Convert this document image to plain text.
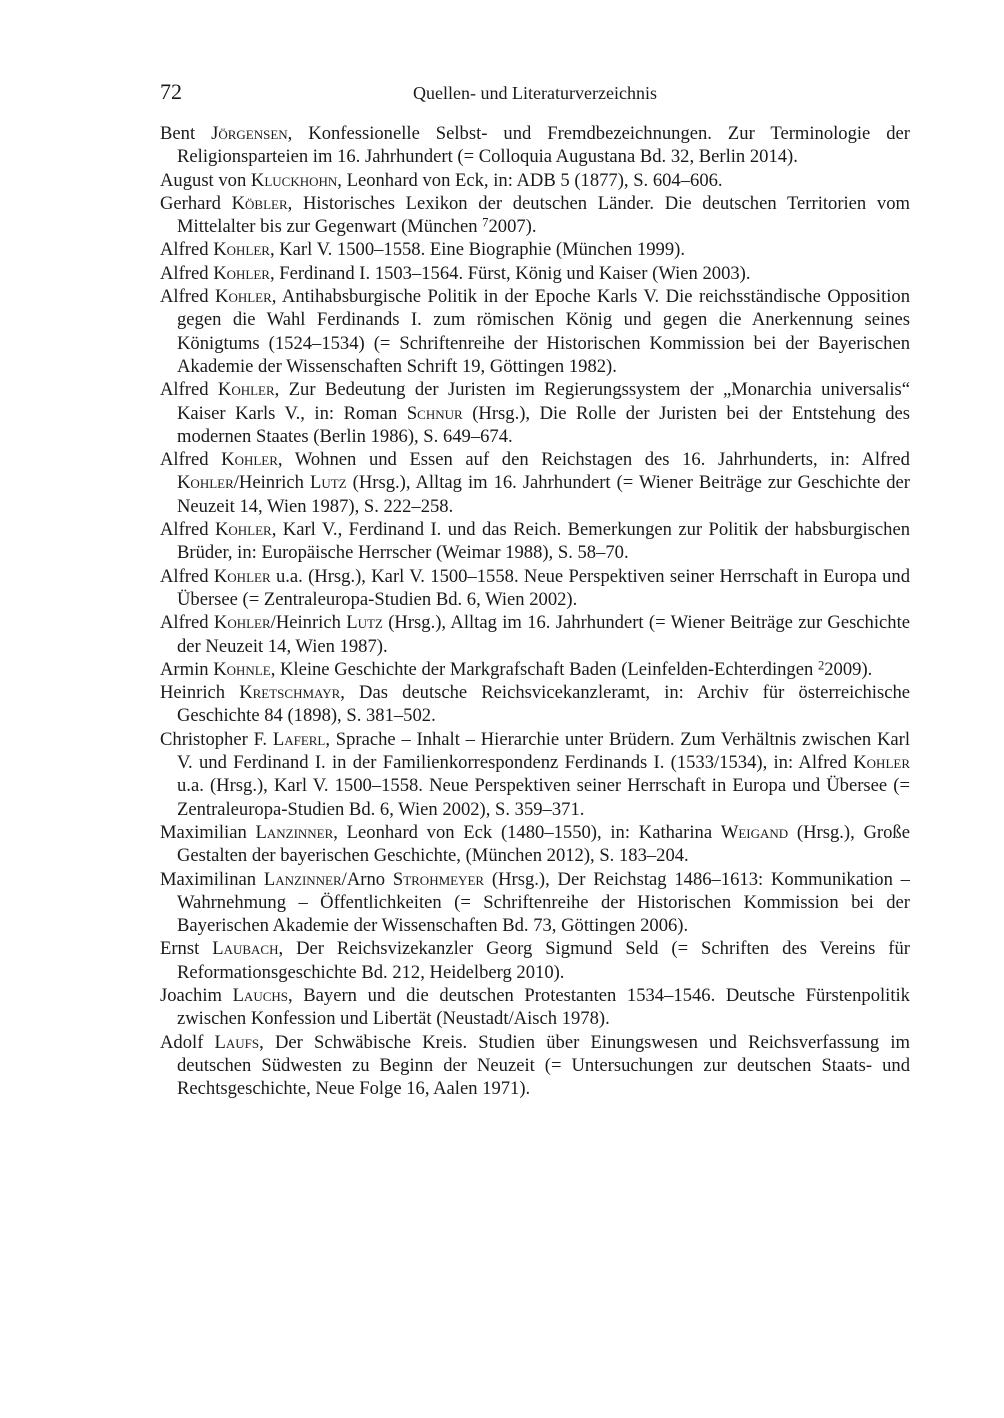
72	Quellen- und Literaturverzeichnis

Bent Jörgensen, Konfessionelle Selbst- und Fremdbezeichnungen. Zur Terminologie der Religionsparteien im 16. Jahrhundert (= Colloquia Augustana Bd. 32, Berlin 2014).

August von Kluckhohn, Leonhard von Eck, in: ADB 5 (1877), S. 604–606.

Gerhard Köbler, Historisches Lexikon der deutschen Länder. Die deutschen Territorien vom Mittelalter bis zur Gegenwart (München $^7$2007).

Alfred Kohler, Karl V. 1500–1558. Eine Biographie (München 1999).

Alfred Kohler, Ferdinand I. 1503–1564. Fürst, König und Kaiser (Wien 2003).

Alfred Kohler, Antihabsburgische Politik in der Epoche Karls V. Die reichsständische Opposition gegen die Wahl Ferdinands I. zum römischen König und gegen die Anerkennung seines Königtums (1524–1534) (= Schriftenreihe der Historischen Kommission bei der Bayerischen Akademie der Wissenschaften Schrift 19, Göttingen 1982).

Alfred Kohler, Zur Bedeutung der Juristen im Regierungssystem der „Monarchia universalis“ Kaiser Karls V., in: Roman Schnur (Hrsg.), Die Rolle der Juristen bei der Entstehung des modernen Staates (Berlin 1986), S. 649–674.

Alfred Kohler, Wohnen und Essen auf den Reichstagen des 16. Jahrhunderts, in: Alfred Kohler/Heinrich Lutz (Hrsg.), Alltag im 16. Jahrhundert (= Wiener Beiträge zur Geschichte der Neuzeit 14, Wien 1987), S. 222–258.

Alfred Kohler, Karl V., Ferdinand I. und das Reich. Bemerkungen zur Politik der habsburgischen Brüder, in: Europäische Herrscher (Weimar 1988), S. 58–70.

Alfred Kohler u.a. (Hrsg.), Karl V. 1500–1558. Neue Perspektiven seiner Herrschaft in Europa und Übersee (= Zentraleuropa-Studien Bd. 6, Wien 2002).

Alfred Kohler/Heinrich Lutz (Hrsg.), Alltag im 16. Jahrhundert (= Wiener Beiträge zur Geschichte der Neuzeit 14, Wien 1987).

Armin Kohnle, Kleine Geschichte der Markgrafschaft Baden (Leinfelden-Echterdingen $^2$2009).

Heinrich Kretschmayr, Das deutsche Reichsvicekanzleramt, in: Archiv für österreichische Geschichte 84 (1898), S. 381–502.

Christopher F. Laferl, Sprache – Inhalt – Hierarchie unter Brüdern. Zum Verhältnis zwischen Karl V. und Ferdinand I. in der Familienkorrespondenz Ferdinands I. (1533/1534), in: Alfred Kohler u.a. (Hrsg.), Karl V. 1500–1558. Neue Perspektiven seiner Herrschaft in Europa und Übersee (= Zentraleuropa-Studien Bd. 6, Wien 2002), S. 359–371.

Maximilian Lanzinner, Leonhard von Eck (1480–1550), in: Katharina Weigand (Hrsg.), Große Gestalten der bayerischen Geschichte, (München 2012), S. 183–204.

Maximilinan Lanzinner/Arno Strohmeyer (Hrsg.), Der Reichstag 1486–1613: Kommunikation – Wahrnehmung – Öffentlichkeiten (= Schriftenreihe der Historischen Kommission bei der Bayerischen Akademie der Wissenschaften Bd. 73, Göttingen 2006).

Ernst Laubach, Der Reichsvizekanzler Georg Sigmund Seld (= Schriften des Vereins für Reformationsgeschichte Bd. 212, Heidelberg 2010).

Joachim Lauchs, Bayern und die deutschen Protestanten 1534–1546. Deutsche Fürstenpolitik zwischen Konfession und Libertät (Neustadt/Aisch 1978).

Adolf Laufs, Der Schwäbische Kreis. Studien über Einungswesen und Reichsverfassung im deutschen Südwesten zu Beginn der Neuzeit (= Untersuchungen zur deutschen Staats- und Rechtsgeschichte, Neue Folge 16, Aalen 1971).
